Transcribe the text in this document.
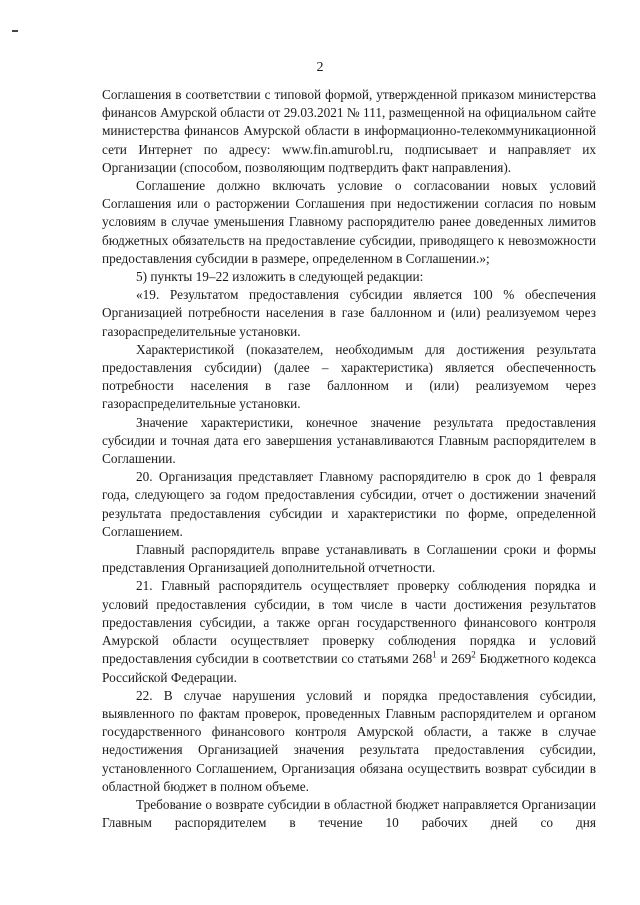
2

Соглашения в соответствии с типовой формой, утвержденной приказом министерства финансов Амурской области от 29.03.2021 № 111, размещенной на официальном сайте министерства финансов Амурской области в информационно-телекоммуникационной сети Интернет по адресу: www.fin.amurobl.ru, подписывает и направляет их Организации (способом, позволяющим подтвердить факт направления).

Соглашение должно включать условие о согласовании новых условий Соглашения или о расторжении Соглашения при недостижении согласия по новым условиям в случае уменьшения Главному распорядителю ранее доведенных лимитов бюджетных обязательств на предоставление субсидии, приводящего к невозможности предоставления субсидии в размере, определенном в Соглашении.»;

5) пункты 19–22 изложить в следующей редакции:

«19. Результатом предоставления субсидии является 100 % обеспечения Организацией потребности населения в газе баллонном и (или) реализуемом через газораспределительные установки.

Характеристикой (показателем, необходимым для достижения результата предоставления субсидии) (далее – характеристика) является обеспеченность потребности населения в газе баллонном и (или) реализуемом через газораспределительные установки.

Значение характеристики, конечное значение результата предоставления субсидии и точная дата его завершения устанавливаются Главным распорядителем в Соглашении.

20. Организация представляет Главному распорядителю в срок до 1 февраля года, следующего за годом предоставления субсидии, отчет о достижении значений результата предоставления субсидии и характеристики по форме, определенной Соглашением.

Главный распорядитель вправе устанавливать в Соглашении сроки и формы представления Организацией дополнительной отчетности.

21. Главный распорядитель осуществляет проверку соблюдения порядка и условий предоставления субсидии, в том числе в части достижения результатов предоставления субсидии, а также орган государственного финансового контроля Амурской области осуществляет проверку соблюдения порядка и условий предоставления субсидии в соответствии со статьями $268^1$ и $269^2$ Бюджетного кодекса Российской Федерации.

22. В случае нарушения условий и порядка предоставления субсидии, выявленного по фактам проверок, проведенных Главным распорядителем и органом государственного финансового контроля Амурской области, а также в случае недостижения Организацией значения результата предоставления субсидии, установленного Соглашением, Организация обязана осуществить возврат субсидии в областной бюджет в полном объеме.

Требование о возврате субсидии в областной бюджет направляется Организации Главным распорядителем в течение 10 рабочих дней со дня
